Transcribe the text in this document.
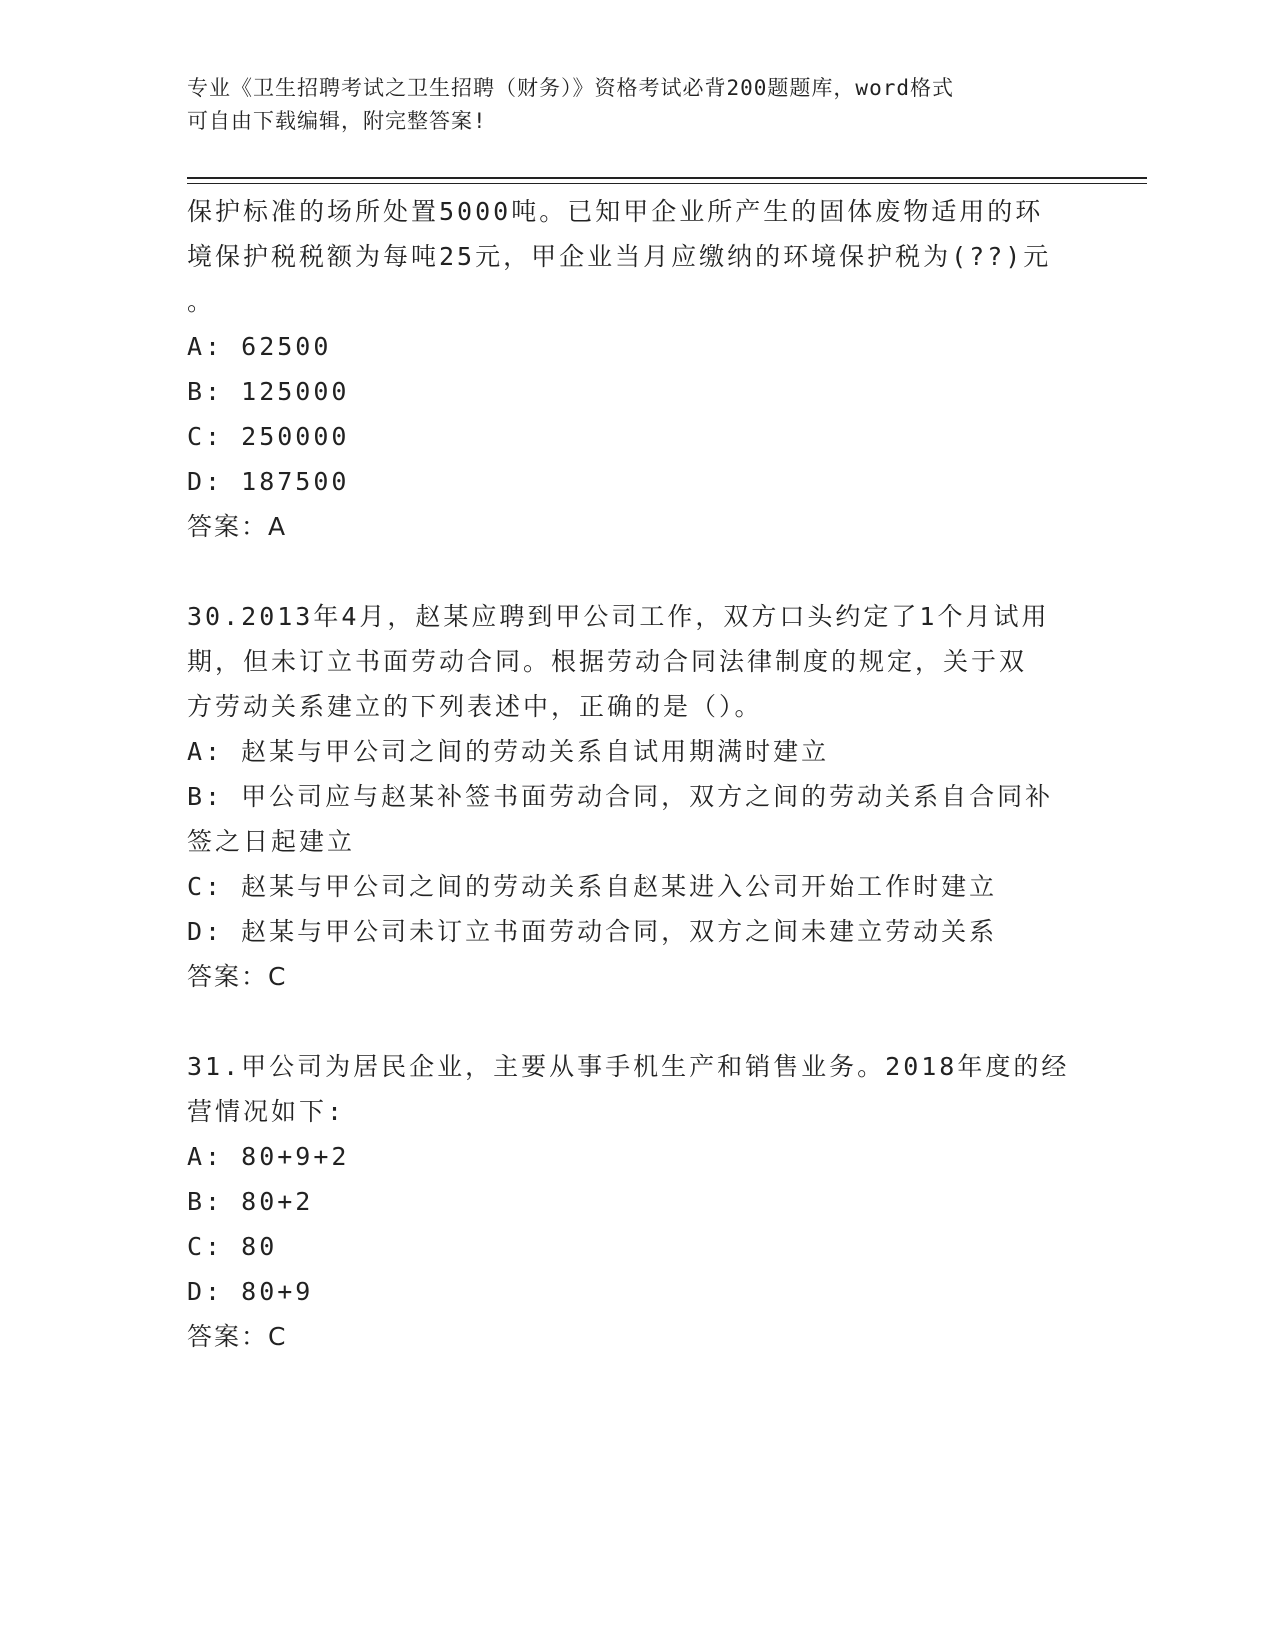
专业《卫生招聘考试之卫生招聘（财务）》资格考试必背200题题库，word格式
可自由下载编辑，附完整答案!
保护标准的场所处置5000吨。已知甲企业所产生的固体废物适用的环
境保护税税额为每吨25元，甲企业当月应缴纳的环境保护税为(??)元
。
A: 62500
B: 125000
C: 250000
D: 187500
答案：A
30.2013年4月，赵某应聘到甲公司工作，双方口头约定了1个月试用
期，但未订立书面劳动合同。根据劳动合同法律制度的规定，关于双
方劳动关系建立的下列表述中，正确的是（）。
A: 赵某与甲公司之间的劳动关系自试用期满时建立
B: 甲公司应与赵某补签书面劳动合同，双方之间的劳动关系自合同补
签之日起建立
C: 赵某与甲公司之间的劳动关系自赵某进入公司开始工作时建立
D: 赵某与甲公司未订立书面劳动合同，双方之间未建立劳动关系
答案：C
31.甲公司为居民企业，主要从事手机生产和销售业务。2018年度的经
营情况如下:
A: 80+9+2
B: 80+2
C: 80
D: 80+9
答案：C
